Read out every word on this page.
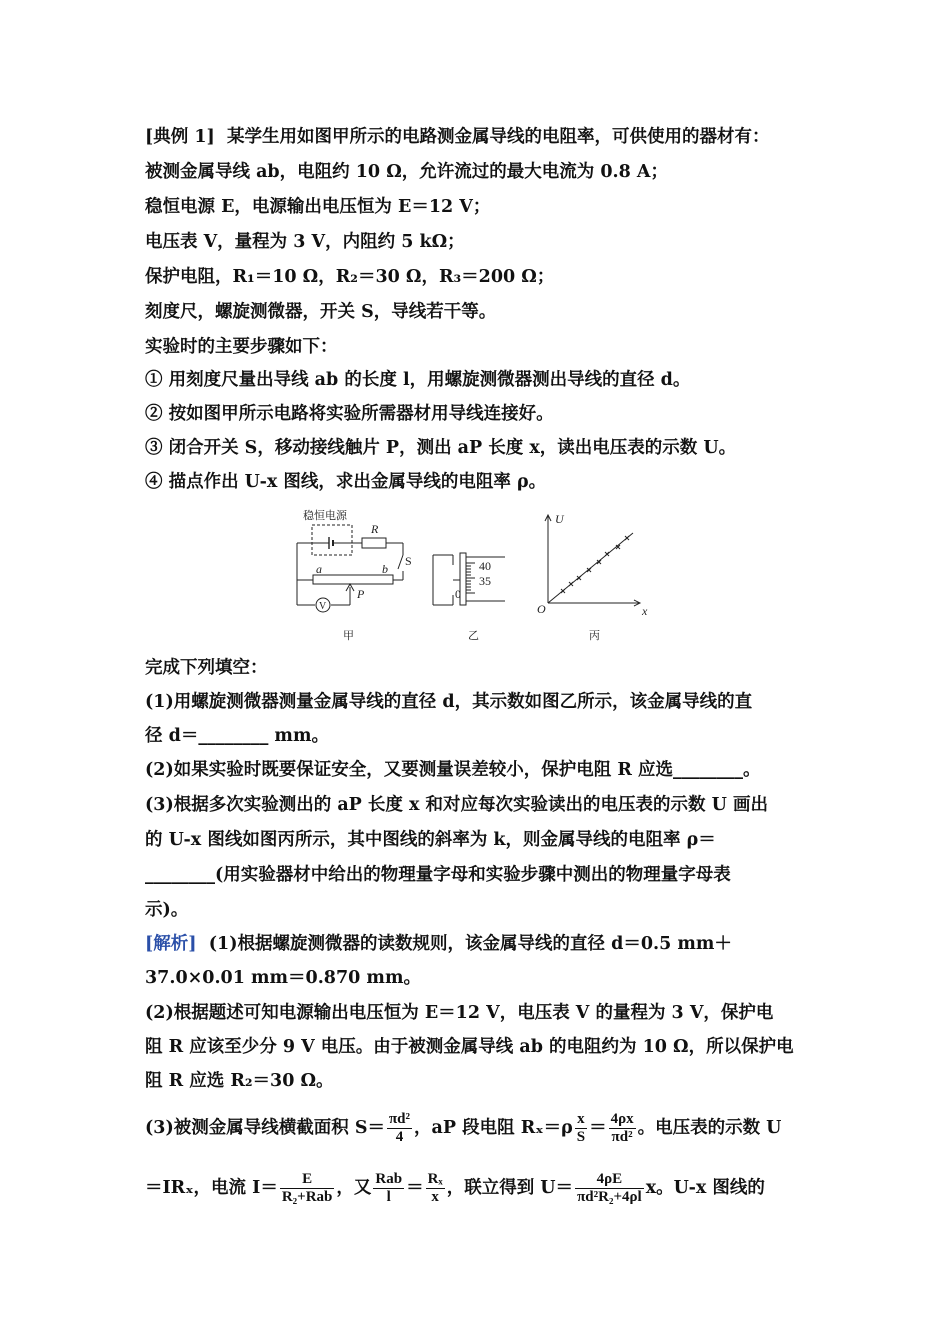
[典例 1] 某学生用如图甲所示的电路测金属导线的电阻率，可供使用的器材有：
被测金属导线 ab，电阻约 10 Ω，允许流过的最大电流为 0.8 A；
稳恒电源 E，电源输出电压恒为 E＝12 V；
电压表 V，量程为 3 V，内阻约 5 kΩ；
保护电阻，R₁＝10 Ω，R₂＝30 Ω，R₃＝200 Ω；
刻度尺，螺旋测微器，开关 S，导线若干等。
实验时的主要步骤如下：
① 用刻度尺量出导线 ab 的长度 l，用螺旋测微器测出导线的直径 d。
② 按如图甲所示电路将实验所需器材用导线连接好。
③ 闭合开关 S，移动接线触片 P，测出 aP 长度 x，读出电压表的示数 U。
④ 描点作出 U-x 图线，求出金属导线的电阻率 ρ。
稳恒电源
R
S
a	b
P
V
甲
40
35
0
乙
U
x
O
丙
完成下列填空：
(1)用螺旋测微器测量金属导线的直径 d，其示数如图乙所示，该金属导线的直
径 d＝________ mm。
(2)如果实验时既要保证安全，又要测量误差较小，保护电阻 R 应选________。
(3)根据多次实验测出的 aP 长度 x 和对应每次实验读出的电压表的示数 U 画出
的 U-x 图线如图丙所示，其中图线的斜率为 k，则金属导线的电阻率 ρ＝
________(用实验器材中给出的物理量字母和实验步骤中测出的物理量字母表
示)。
[解析] (1)根据螺旋测微器的读数规则，该金属导线的直径 d＝0.5 mm＋
37.0×0.01 mm＝0.870 mm。
(2)根据题述可知电源输出电压恒为 E＝12 V，电压表 V 的量程为 3 V，保护电
阻 R 应该至少分 9 V 电压。由于被测金属导线 ab 的电阻约为 10 Ω，所以保护电
阻 R 应选 R₂＝30 Ω。
(3)被测金属导线横截面积 $S= \frac{\text{πd²}}{4}$ ，aP 段电阻 $R_x=\rho \frac{x}{S} = \frac{4\rho x}{\text{πd²}}$ 。电压表的示数 U
＝IRₓ，电流 $I= \frac{E}{\text{R₂+Rab}}$ ，又 $\frac{\text{Rab}}{l} = \frac{\text{Rₓ}}{x}$ ，联立得到 $U= \frac{4\rho E}{\text{πd²R₂+4ρl}}$ x。U-x 图线的
